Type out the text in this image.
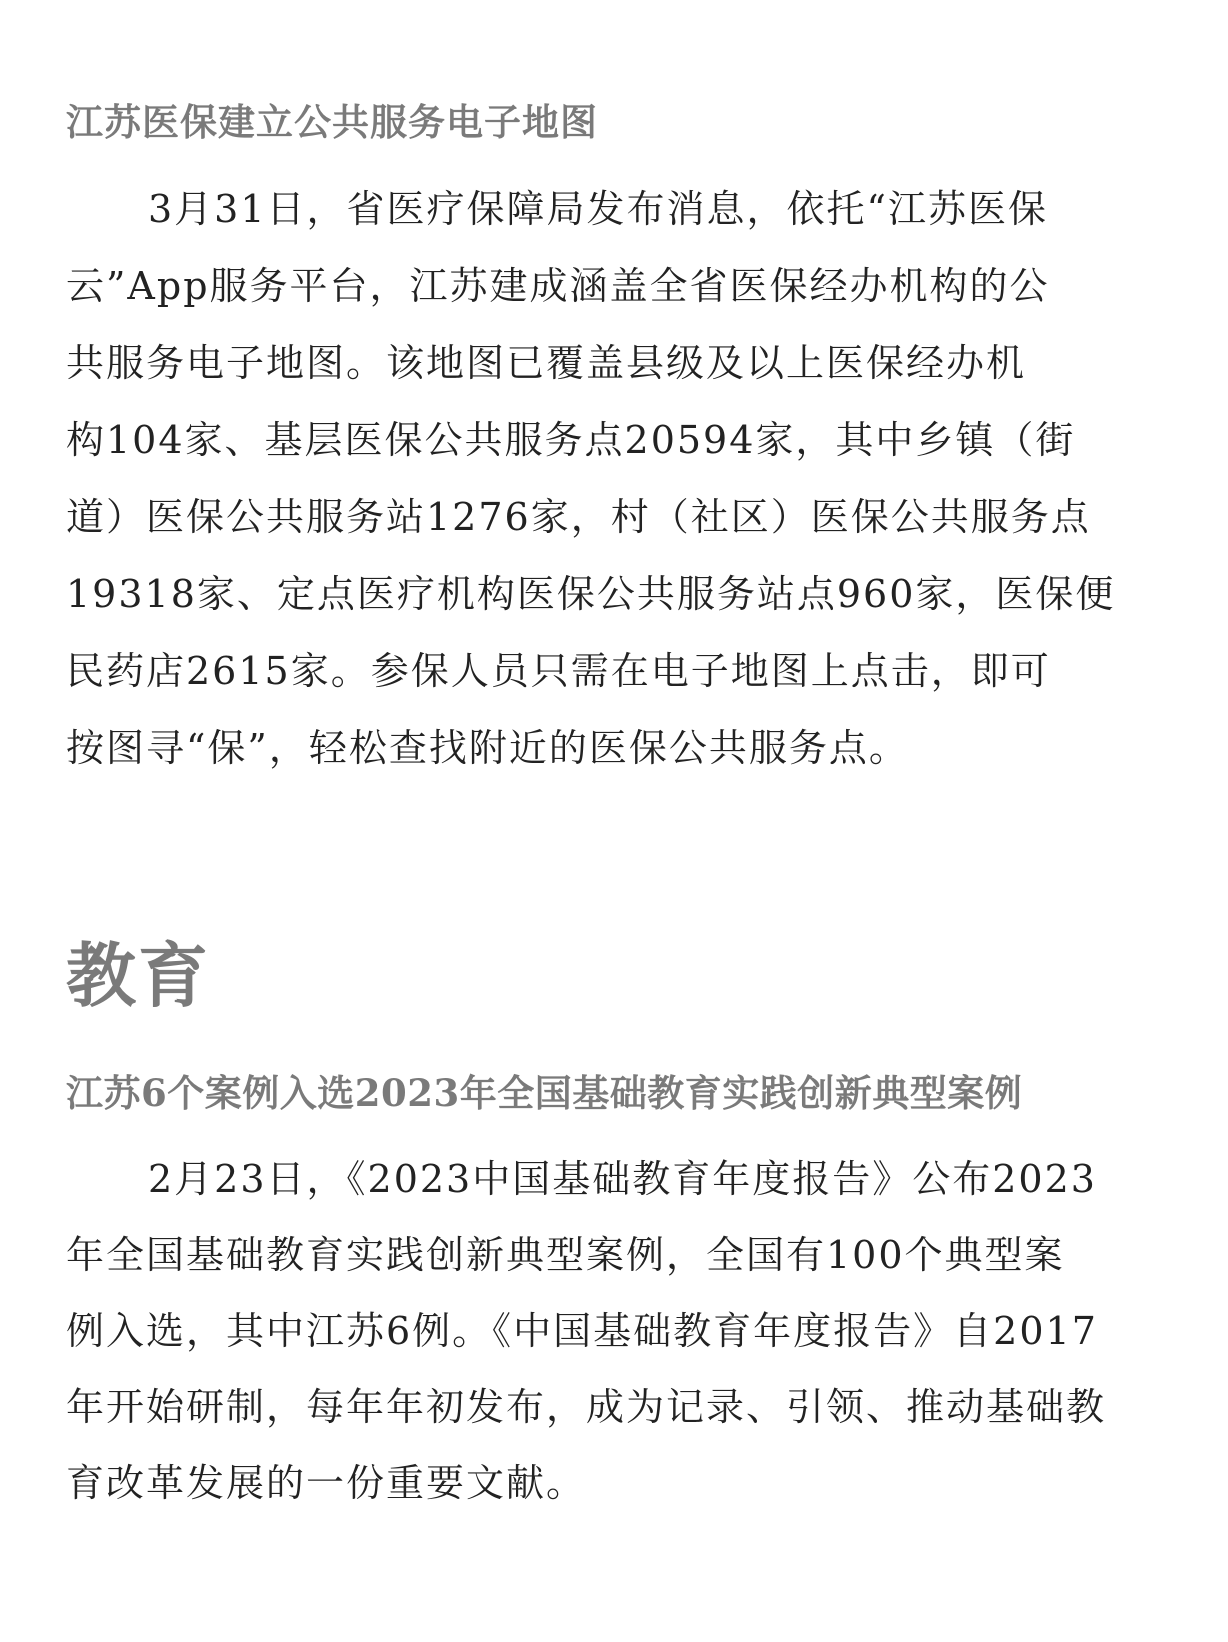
江苏医保建立公共服务电子地图
3月31日，省医疗保障局发布消息，依托“江苏医保
云”App服务平台，江苏建成涵盖全省医保经办机构的公
共服务电子地图。该地图已覆盖县级及以上医保经办机
构104家、基层医保公共服务点20594家，其中乡镇（街
道）医保公共服务站1276家，村（社区）医保公共服务点
19318家、定点医疗机构医保公共服务站点960家，医保便
民药店2615家。参保人员只需在电子地图上点击，即可
按图寻“保”，轻松查找附近的医保公共服务点。
教育
江苏6个案例入选2023年全国基础教育实践创新典型案例
2月23日，《2023中国基础教育年度报告》公布2023
年全国基础教育实践创新典型案例，全国有100个典型案
例入选，其中江苏6例。《中国基础教育年度报告》自2017
年开始研制，每年年初发布，成为记录、引领、推动基础教
育改革发展的一份重要文献。
